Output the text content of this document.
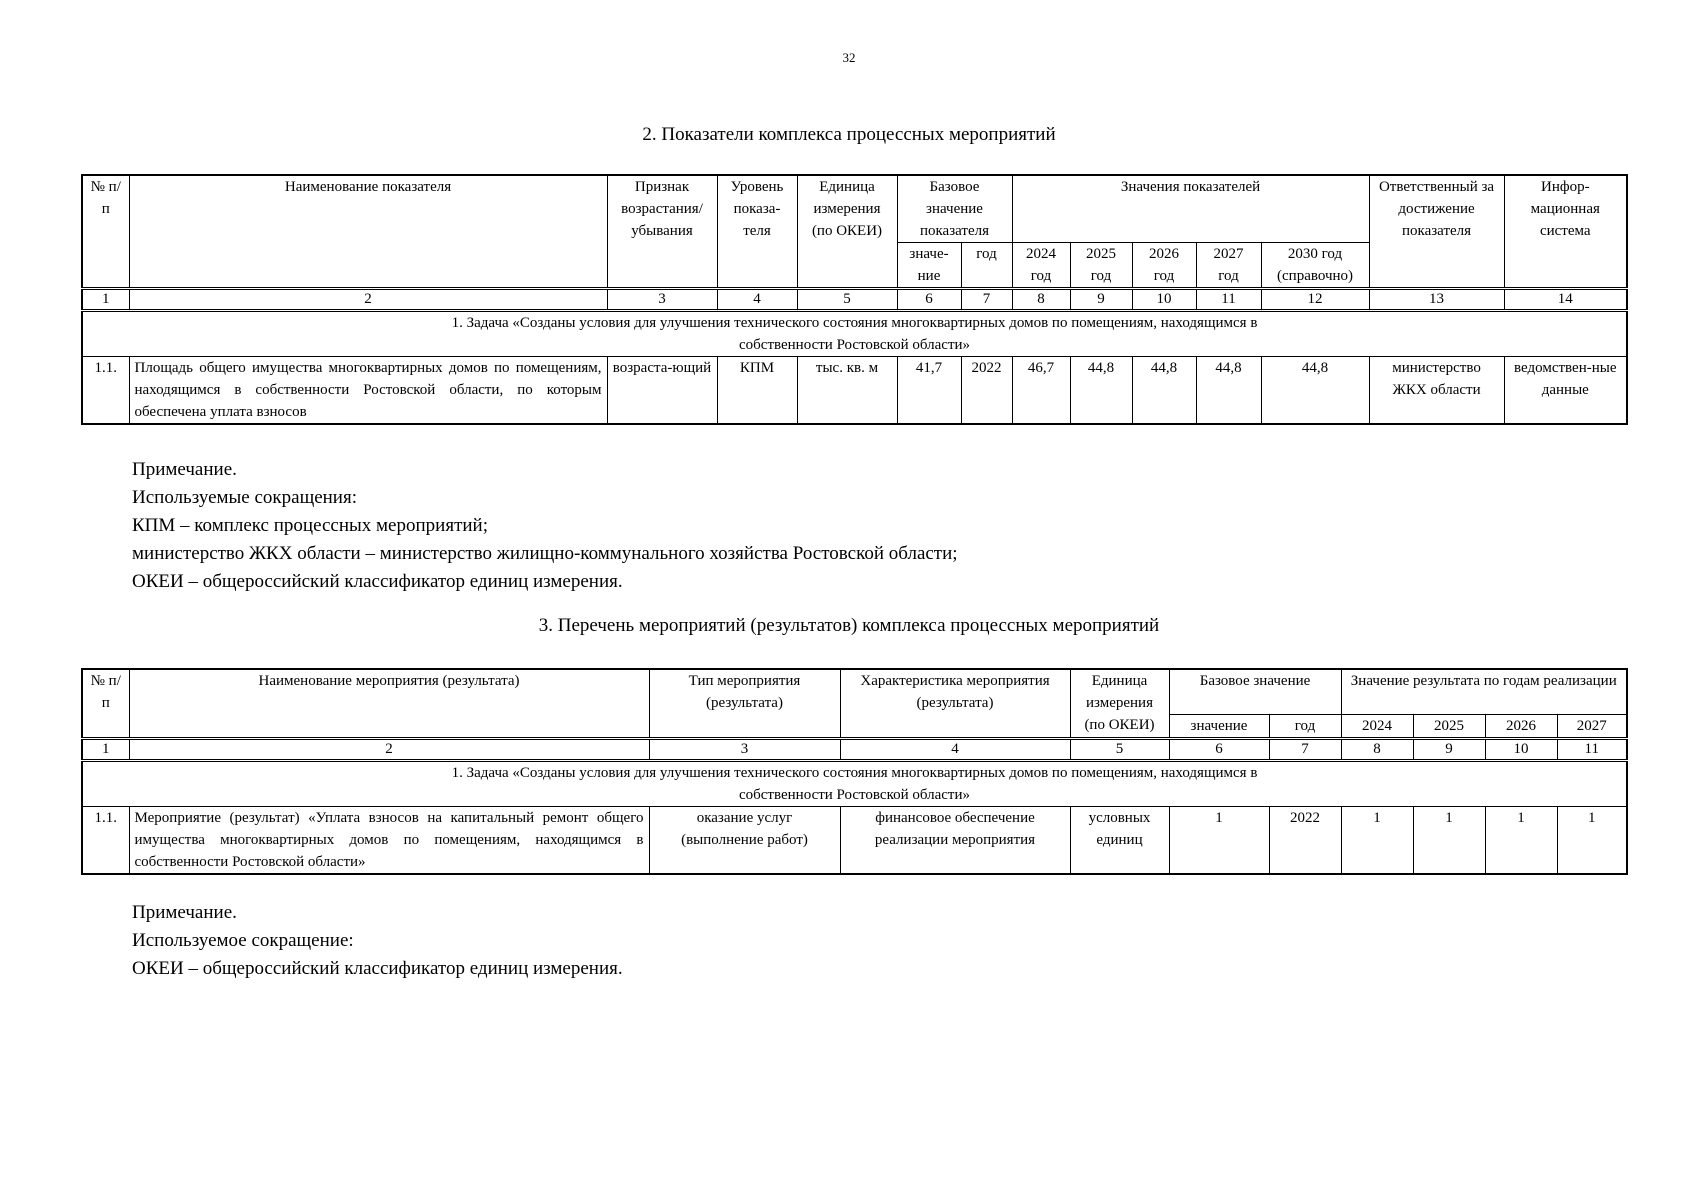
32
2. Показатели комплекса процессных мероприятий
№ п/п	Наименование показателя	Признак возрастания/ убывания	Уровень показа-теля	Единица измерения (по ОКЕИ)	Базовое значение показателя		Значения показателей					Ответственный за достижение показателя	Инфор-мационная система
					значе-ние	год	2024 год	2025 год	2026 год	2027 год	2030 год (справочно)		
1	2	3	4	5	6	7	8	9	10	11	12	13	14
1. Задача «Созданы условия для улучшения технического состояния многоквартирных домов по помещениям, находящимся в собственности Ростовской области»													
1.1.	Площадь общего имущества многоквартирных домов по помещениям, находящимся в собственности Ростовской области, по которым обеспечена уплата взносов	возраста-ющий	КПМ	тыс. кв. м	41,7	2022	46,7	44,8	44,8	44,8	44,8	министерство ЖКХ области	ведомствен-ные данные
Примечание.
Используемые сокращения:
КПМ – комплекс процессных мероприятий;
министерство ЖКХ области – министерство жилищно-коммунального хозяйства Ростовской области;
ОКЕИ – общероссийский классификатор единиц измерения.
3. Перечень мероприятий (результатов) комплекса процессных мероприятий
№ п/п	Наименование мероприятия (результата)	Тип мероприятия (результата)	Характеристика мероприятия (результата)	Единица измерения (по ОКЕИ)	Базовое значение		Значение результата по годам реализации			
					значение	год	2024	2025	2026	2027
1	2	3	4	5	6	7	8	9	10	11
1. Задача «Созданы условия для улучшения технического состояния многоквартирных домов по помещениям, находящимся в собственности Ростовской области»										
1.1.	Мероприятие (результат) «Уплата взносов на капитальный ремонт общего имущества многоквартирных домов по помещениям, находящимся в собственности Ростовской области»	оказание услуг (выполнение работ)	финансовое обеспечение реализации мероприятия	условных единиц	1	2022	1	1	1	1
Примечание.
Используемое сокращение:
ОКЕИ – общероссийский классификатор единиц измерения.
